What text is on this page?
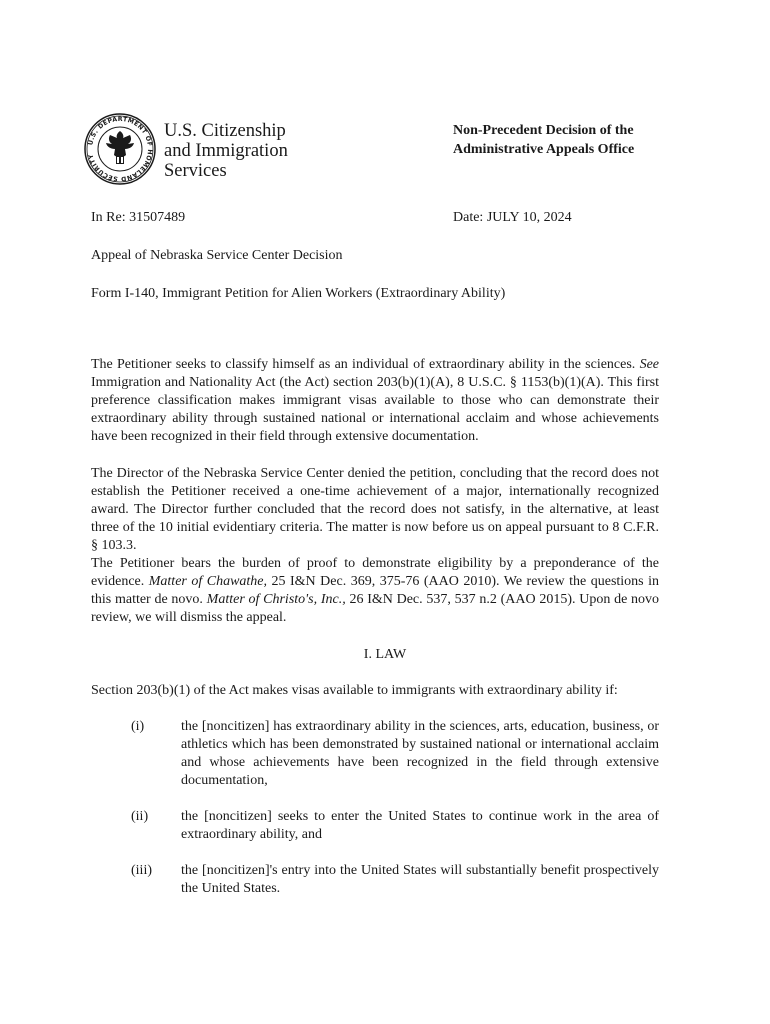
U.S. DEPARTMENT OF HOMELAND SECURITY
U.S. Citizenship
and Immigration
Services
Non-Precedent Decision of the
Administrative Appeals Office
In Re: 31507489	Date: JULY 10, 2024
Appeal of Nebraska Service Center Decision
Form I-140, Immigrant Petition for Alien Workers (Extraordinary Ability)
The Petitioner seeks to classify himself as an individual of extraordinary ability in the sciences. See Immigration and Nationality Act (the Act) section 203(b)(1)(A), 8 U.S.C. § 1153(b)(1)(A). This first preference classification makes immigrant visas available to those who can demonstrate their extraordinary ability through sustained national or international acclaim and whose achievements have been recognized in their field through extensive documentation.
The Director of the Nebraska Service Center denied the petition, concluding that the record does not establish the Petitioner received a one-time achievement of a major, internationally recognized award. The Director further concluded that the record does not satisfy, in the alternative, at least three of the 10 initial evidentiary criteria. The matter is now before us on appeal pursuant to 8 C.F.R. § 103.3.
The Petitioner bears the burden of proof to demonstrate eligibility by a preponderance of the evidence. Matter of Chawathe, 25 I&N Dec. 369, 375-76 (AAO 2010). We review the questions in this matter de novo. Matter of Christo's, Inc., 26 I&N Dec. 537, 537 n.2 (AAO 2015). Upon de novo review, we will dismiss the appeal.
I. LAW
Section 203(b)(1) of the Act makes visas available to immigrants with extraordinary ability if:
(i)	the [noncitizen] has extraordinary ability in the sciences, arts, education, business, or athletics which has been demonstrated by sustained national or international acclaim and whose achievements have been recognized in the field through extensive documentation,
(ii)	the [noncitizen] seeks to enter the United States to continue work in the area of extraordinary ability, and
(iii)	the [noncitizen]'s entry into the United States will substantially benefit prospectively the United States.
